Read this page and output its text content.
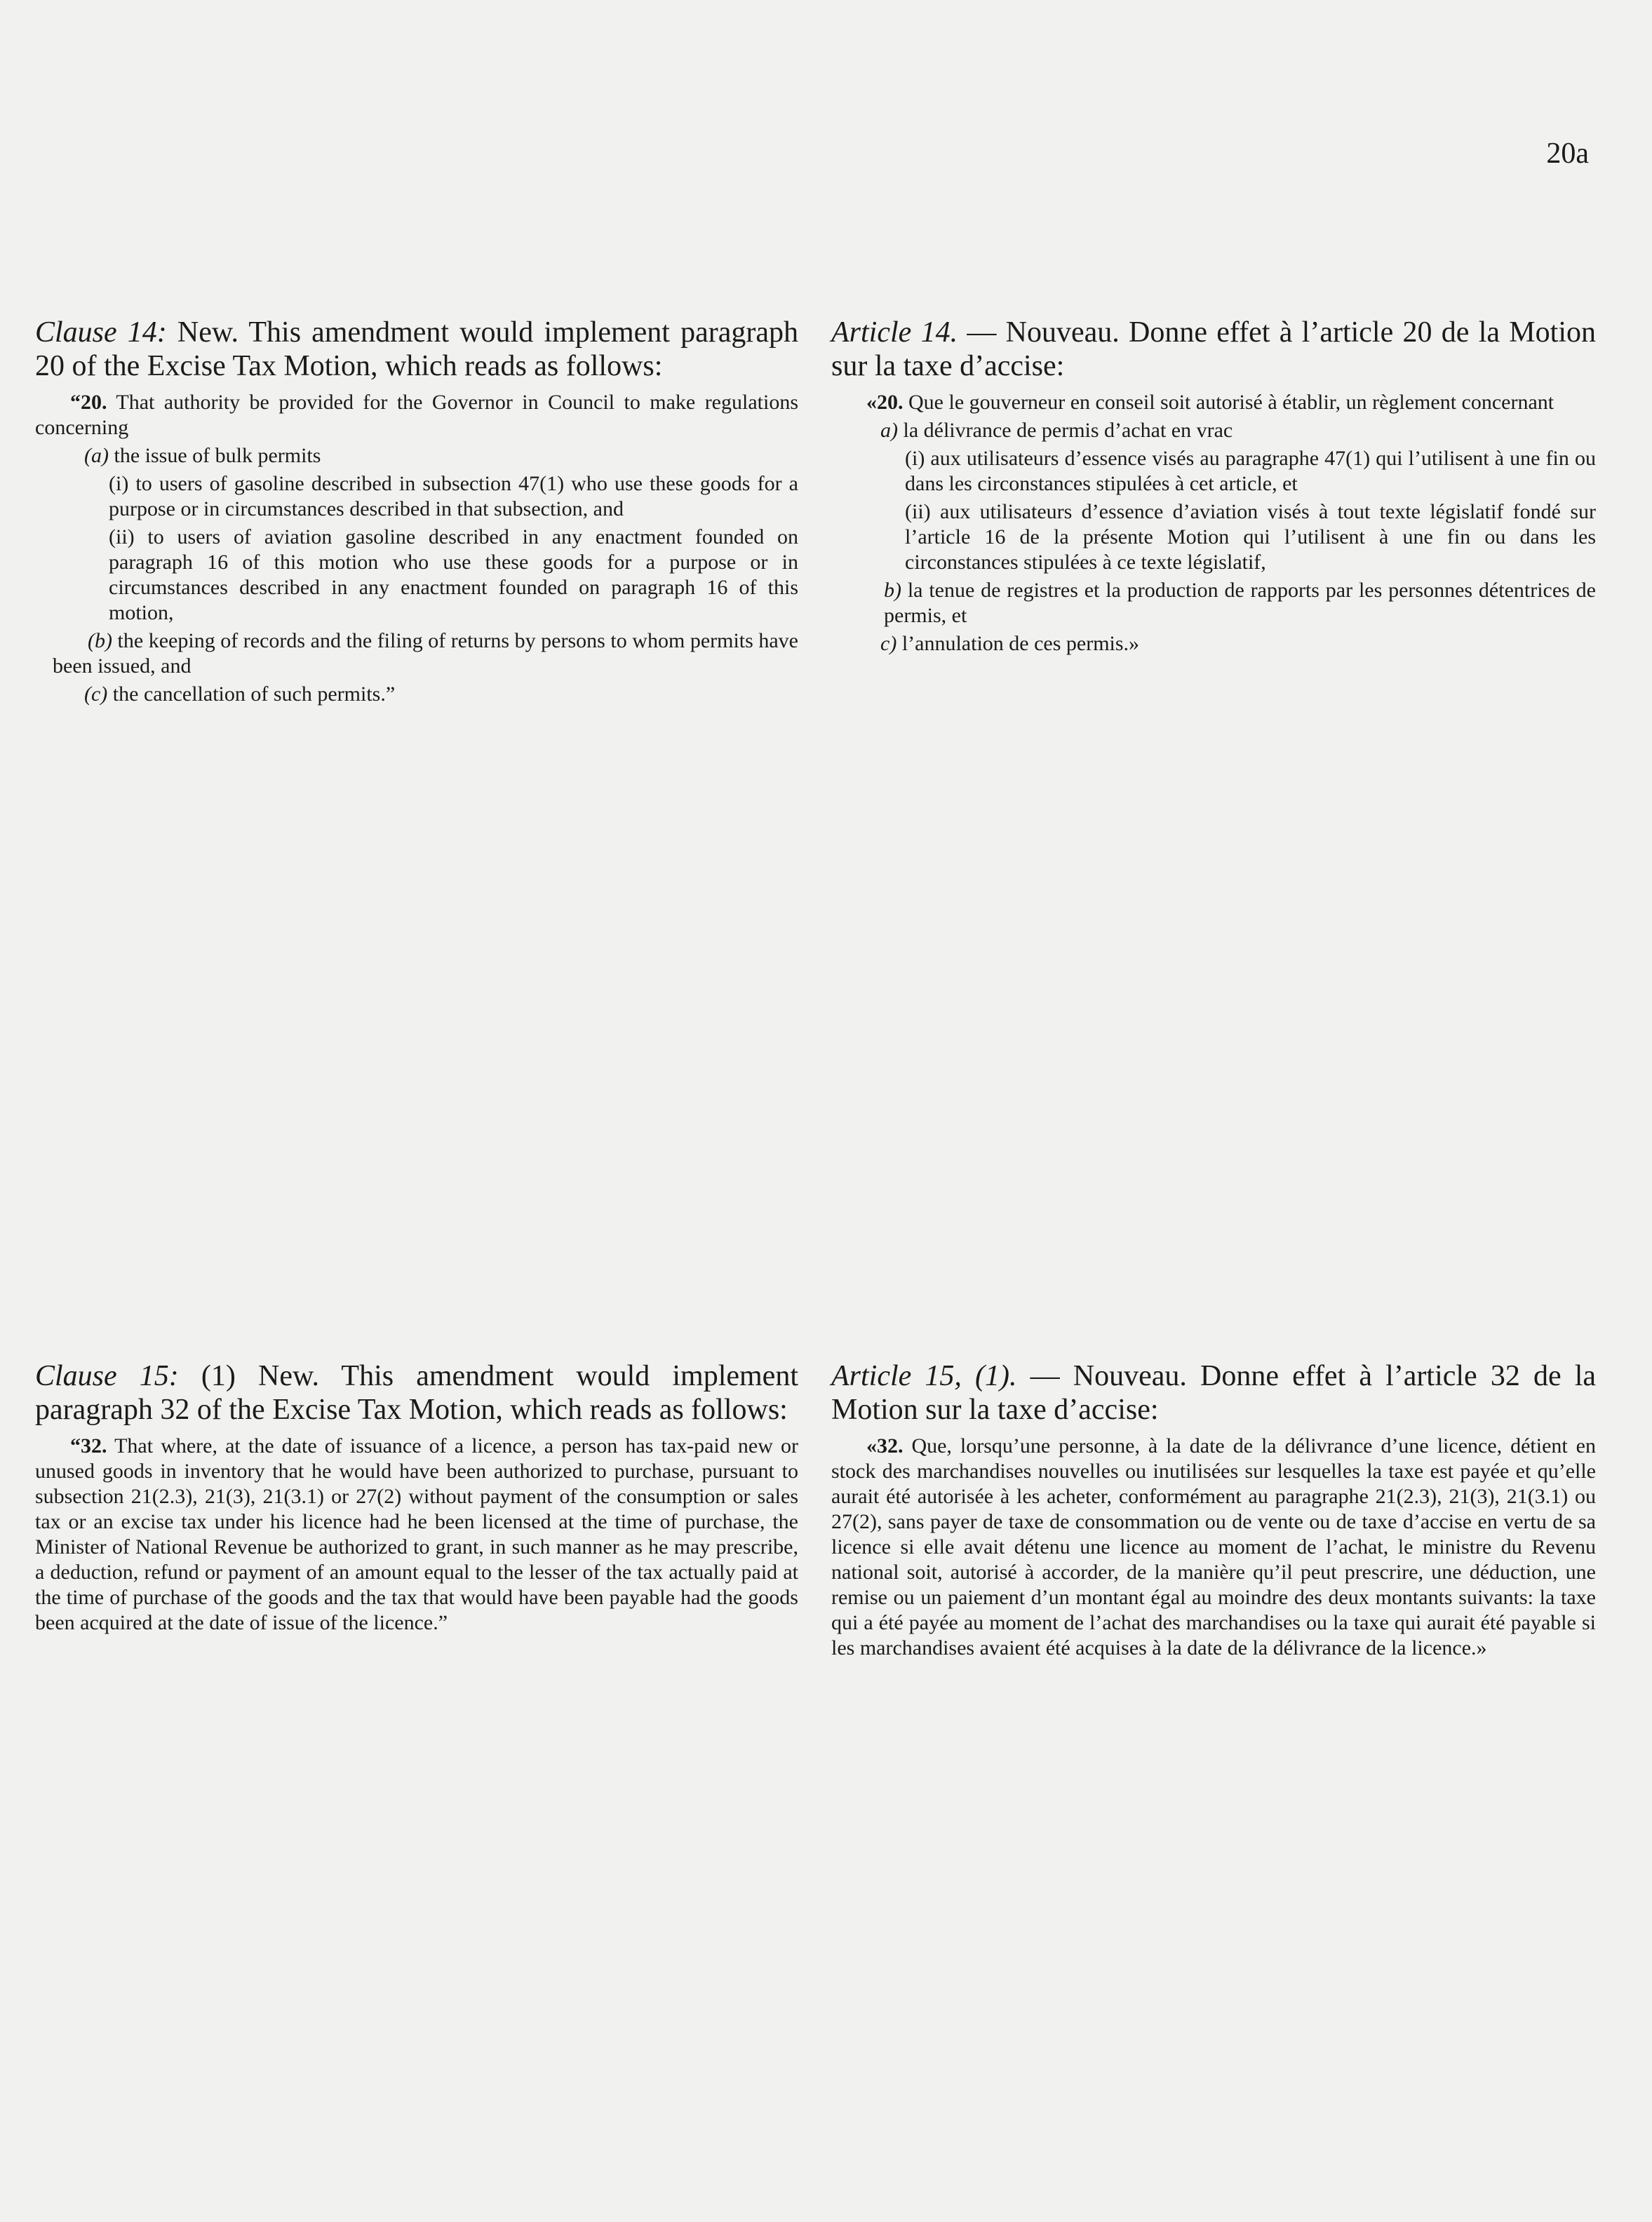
20a

Clause 14: New. This amendment would implement paragraph 20 of the Excise Tax Motion, which reads as follows:

“20. That authority be provided for the Governor in Council to make regulations concerning

(a) the issue of bulk permits

(i) to users of gasoline described in subsection 47(1) who use these goods for a purpose or in circumstances described in that subsection, and

(ii) to users of aviation gasoline described in any enactment founded on paragraph 16 of this motion who use these goods for a purpose or in circumstances described in any enactment founded on paragraph 16 of this motion,

(b) the keeping of records and the filing of returns by persons to whom permits have been issued, and

(c) the cancellation of such permits.”

Article 14. — Nouveau. Donne effet à l’article 20 de la Motion sur la taxe d’accise:

«20. Que le gouverneur en conseil soit autorisé à établir, un règlement concernant

a) la délivrance de permis d’achat en vrac

(i) aux utilisateurs d’essence visés au paragraphe 47(1) qui l’utilisent à une fin ou dans les circonstances stipulées à cet article, et

(ii) aux utilisateurs d’essence d’aviation visés à tout texte législatif fondé sur l’article 16 de la présente Motion qui l’utilisent à une fin ou dans les circonstances stipulées à ce texte législatif,

b) la tenue de registres et la production de rapports par les personnes détentrices de permis, et

c) l’annulation de ces permis.»

Clause 15: (1) New. This amendment would implement paragraph 32 of the Excise Tax Motion, which reads as follows:

“32. That where, at the date of issuance of a licence, a person has tax-paid new or unused goods in inventory that he would have been authorized to purchase, pursuant to subsection 21(2.3), 21(3), 21(3.1) or 27(2) without payment of the consumption or sales tax or an excise tax under his licence had he been licensed at the time of purchase, the Minister of National Revenue be authorized to grant, in such manner as he may prescribe, a deduction, refund or payment of an amount equal to the lesser of the tax actually paid at the time of purchase of the goods and the tax that would have been payable had the goods been acquired at the date of issue of the licence.”

Article 15, (1). — Nouveau. Donne effet à l’article 32 de la Motion sur la taxe d’accise:

«32. Que, lorsqu’une personne, à la date de la délivrance d’une licence, détient en stock des marchandises nouvelles ou inutilisées sur lesquelles la taxe est payée et qu’elle aurait été autorisée à les acheter, conformément au paragraphe 21(2.3), 21(3), 21(3.1) ou 27(2), sans payer de taxe de consommation ou de vente ou de taxe d’accise en vertu de sa licence si elle avait détenu une licence au moment de l’achat, le ministre du Revenu national soit, autorisé à accorder, de la manière qu’il peut prescrire, une déduction, une remise ou un paiement d’un montant égal au moindre des deux montants suivants: la taxe qui a été payée au moment de l’achat des marchandises ou la taxe qui aurait été payable si les marchandises avaient été acquises à la date de la délivrance de la licence.»
